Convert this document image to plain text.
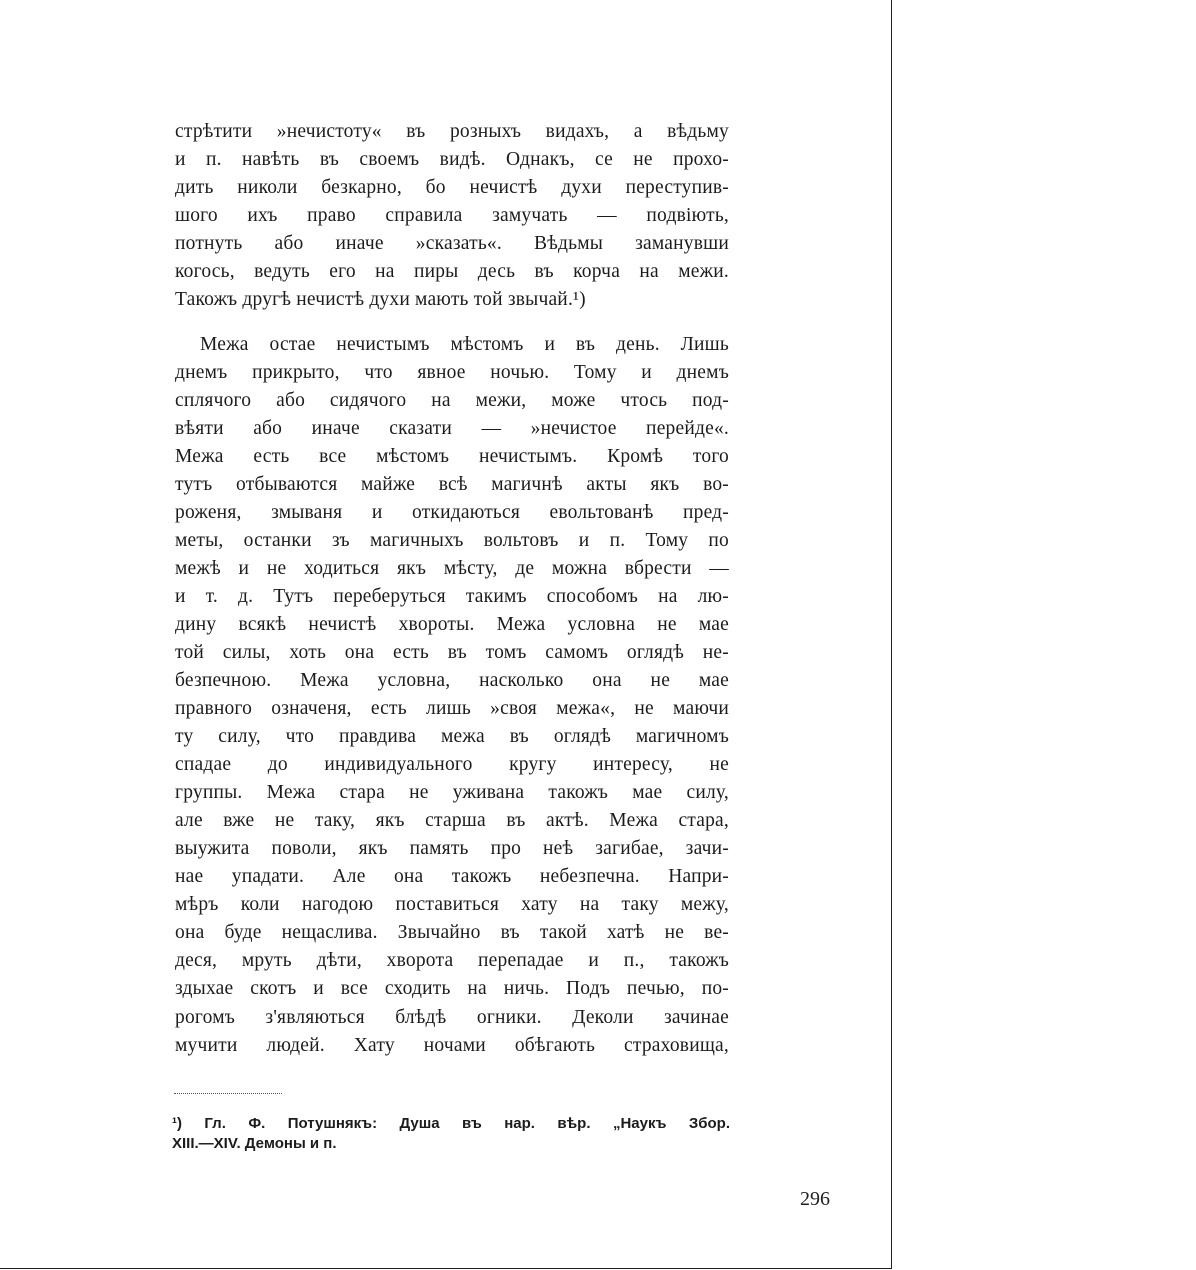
стрѣтити »нечистоту« въ розныхъ видахъ, а вѣдьму
и п. навѣть въ своемъ видѣ. Однакъ, се не прохо-
дить николи безкарно, бо нечистѣ духи переступив-
шого ихъ право справила замучать — подвіють,
потнуть або иначе »сказать«. Вѣдьмы заманувши
когось, ведуть его на пиры десь въ корча на межи.
Такожъ другѣ нечистѣ духи мають той звычай.¹)
Межа остае нечистымъ мѣстомъ и въ день. Лишь
днемъ прикрыто, что явное ночью. Тому и днемъ
сплячого або сидячого на межи, може чтось под-
вѣяти або иначе сказати — »нечистое перейде«.
Межа есть все мѣстомъ нечистымъ. Кромѣ того
тутъ отбываются майже всѣ магичнѣ акты якъ во-
роженя, змываня и откидаються евольтованѣ пред-
меты, останки зъ магичныхъ вольтовъ и п. Тому по
межѣ и не ходиться якъ мѣсту, де можна вбрести —
и т. д. Тутъ переберуться такимъ способомъ на лю-
дину всякѣ нечистѣ хвороты. Межа условна не мае
той силы, хоть она есть въ томъ самомъ оглядѣ не-
безпечною. Межа условна, насколько она не мае
правного означеня, есть лишь »своя межа«, не маючи
ту силу, что правдива межа въ оглядѣ магичномъ
спадае до индивидуального кругу интересу, не
группы. Межа стара не уживана такожъ мае силу,
але вже не таку, якъ старша въ актѣ. Межа стара,
выужита поволи, якъ память про неѣ загибае, зачи-
нае упадати. Але она такожъ небезпечна. Напри-
мѣръ коли нагодою поставиться хату на таку межу,
она буде нещаслива. Звычайно въ такой хатѣ не ве-
дeся, мруть дѣти, хворота перепадае и п., такожъ
здыхае скотъ и все сходить на ничь. Подъ печью, по-
рогомъ з'являються блѣдѣ огники. Деколи зачинае
мучити людей. Хату ночами обѣгають страховища,
¹) Гл. Ф. Потушнякъ: Душа въ нар. вѣр. „Наукъ Збор.
XIII.—XIV. Демоны и п.
296
